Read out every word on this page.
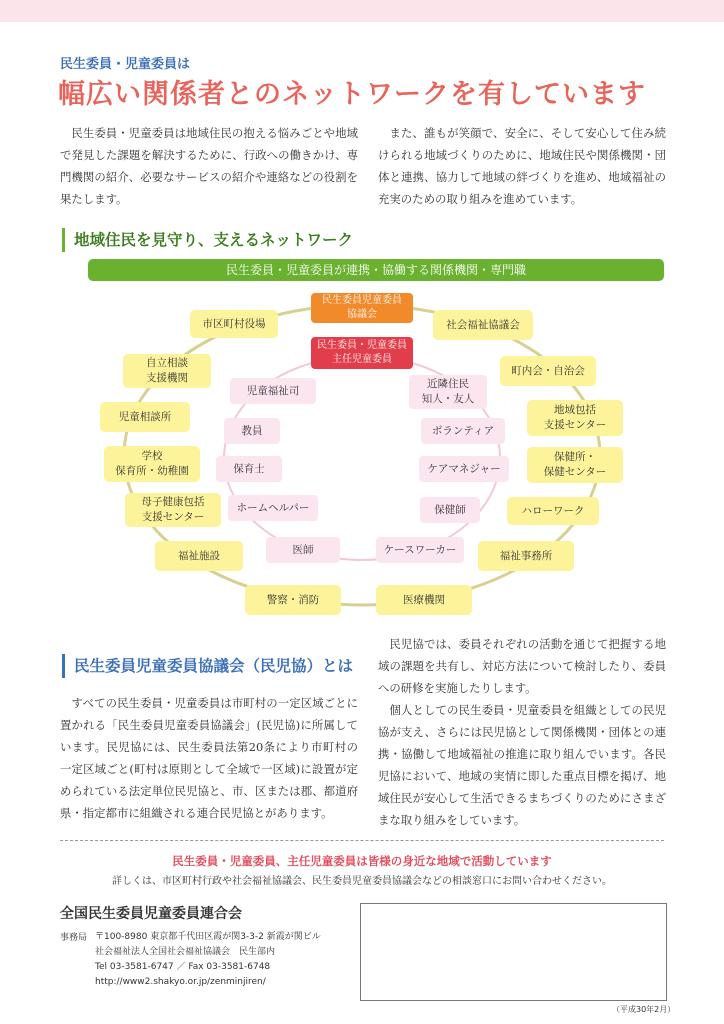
民生委員・児童委員は
幅広い関係者とのネットワークを有しています
民生委員・児童委員は地域住民の抱える悩みごとや地域で発見した課題を解決するために、行政への働きかけ、専門機関の紹介、必要なサービスの紹介や連絡などの役割を果たします。
また、誰もが笑顔で、安全に、そして安心して住み続けられる地域づくりのために、地域住民や関係機関・団体と連携、協力して地域の絆づくりを進め、地域福祉の充実のための取り組みを進めています。
地域住民を見守り、支えるネットワーク
民生委員・児童委員が連携・協働する関係機関・専門職
民生委員児童委員
協議会
民生委員・児童委員
主任児童委員
市区町村役場	社会福祉協議会
自立相談
支援機関
町内会・自治会
児童相談所
地域包括
支援センター
学校
保育所・幼稚園
保健所・
保健センター
母子健康包括
支援センター
ハローワーク
福祉施設	福祉事務所
警察・消防	医療機関
児童福祉司
近隣住民
知人・友人
教員	ボランティア
保育士	ケアマネジャー
ホームヘルパー	保健師
医師	ケースワーカー
民生委員児童委員協議会（民児協）とは
すべての民生委員・児童委員は市町村の一定区域ごとに置かれる「民生委員児童委員協議会」(民児協)に所属しています。民児協には、民生委員法第20条により市町村の一定区域ごと(町村は原則として全域で一区域)に設置が定められている法定単位民児協と、市、区または郡、都道府県・指定都市に組織される連合民児協とがあります。
民児協では、委員それぞれの活動を通じて把握する地域の課題を共有し、対応方法について検討したり、委員への研修を実施したりします。
個人としての民生委員・児童委員を組織としての民児協が支え、さらには民児協として関係機関・団体との連携・協働して地域福祉の推進に取り組んでいます。各民児協において、地域の実情に即した重点目標を掲げ、地域住民が安心して生活できるまちづくりのためにさまざまな取り組みをしています。
民生委員・児童委員、主任児童委員は皆様の身近な地域で活動しています
詳しくは、市区町村行政や社会福祉協議会、民生委員児童委員協議会などの相談窓口にお問い合わせください。
全国民生委員児童委員連合会
事務局 〒100-8980 東京都千代田区霞が関3-3-2 新霞が関ビル
社会福祉法人全国社会福祉協議会　民生部内
Tel 03-3581-6747 ／ Fax 03-3581-6748
http://www2.shakyo.or.jp/zenminjiren/
（平成30年2月）
